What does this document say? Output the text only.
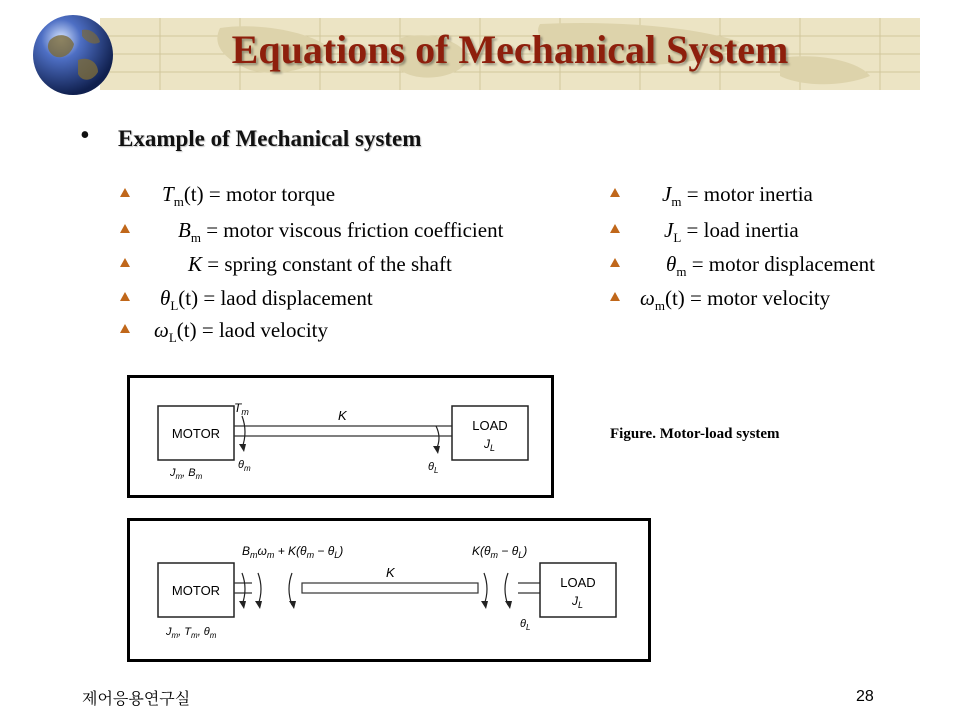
Equations of Mechanical System
• Example of Mechanical system
$T_m(t)$ = motor torque
$B_m$ = motor viscous friction coefficient
K = spring constant of the shaft
$\theta_L(t)$ = laod displacement
$\omega_L(t)$ = laod velocity
$J_m$ = motor inertia
$J_L$ = load inertia
$\theta_m$ = motor displacement
$\omega_m(t)$ = motor velocity
MOTOR
LOAD
$J_L$
K
$T_m$
$\theta_m$
$J_m$, $B_m$
$\theta_L$
Figure. Motor-load system
$B_m\omega_m + K(\theta_m - \theta_L)$	$K(\theta_m - \theta_L)$
MOTOR
K
LOAD
$J_L$
$J_m$, $T_m$, $\theta_m$
$\theta_L$
제어응용연구실	28
